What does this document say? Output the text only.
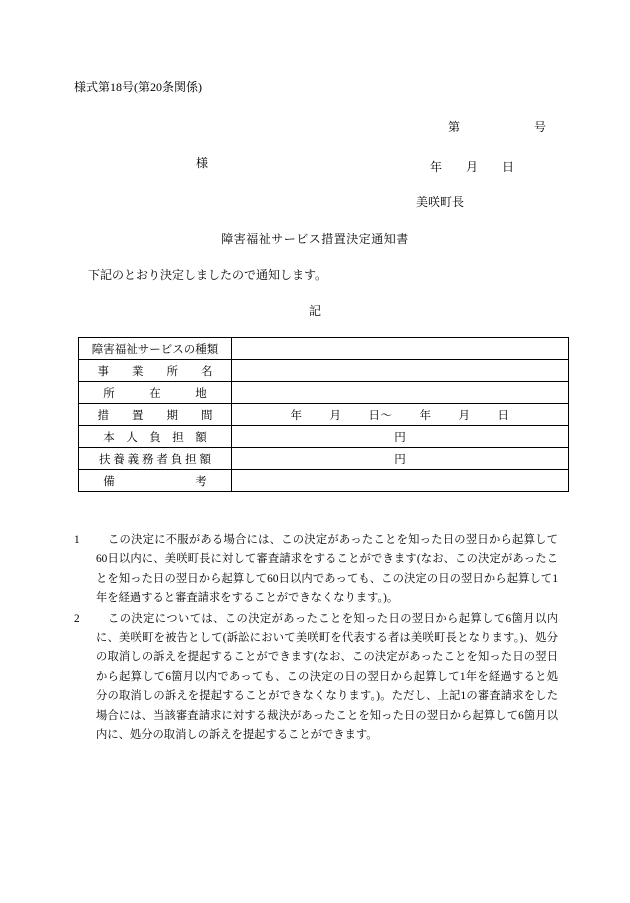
様式第18号(第20条関係)

第	号

年        月        日
様
美咲町長
障害福祉サービス措置決定通知書
下記のとおり決定しましたので通知します。
記
障害福祉サービスの種類	

事　　業　　所　　名	

所　　　在　　　地	

措　　置　　期　　間	年        月        日～        年        月        日

本　人　負　担　額	円

扶 養 義 務 者 負 担 額	円

備　　　　　　　考	

1	この決定に不服がある場合には、この決定があったことを知った日の翌日から起算して60日以内に、美咲町長に対して審査請求をすることができます(なお、この決定があったことを知った日の翌日から起算して60日以内であっても、この決定の日の翌日から起算して1年を経過すると審査請求をすることができなくなります。)。
2	この決定については、この決定があったことを知った日の翌日から起算して6箇月以内に、美咲町を被告として(訴訟において美咲町を代表する者は美咲町長となります。)、処分の取消しの訴えを提起することができます(なお、この決定があったことを知った日の翌日から起算して6箇月以内であっても、この決定の日の翌日から起算して1年を経過すると処分の取消しの訴えを提起することができなくなります。)。ただし、上記1の審査請求をした場合には、当該審査請求に対する裁決があったことを知った日の翌日から起算して6箇月以内に、処分の取消しの訴えを提起することができます。
